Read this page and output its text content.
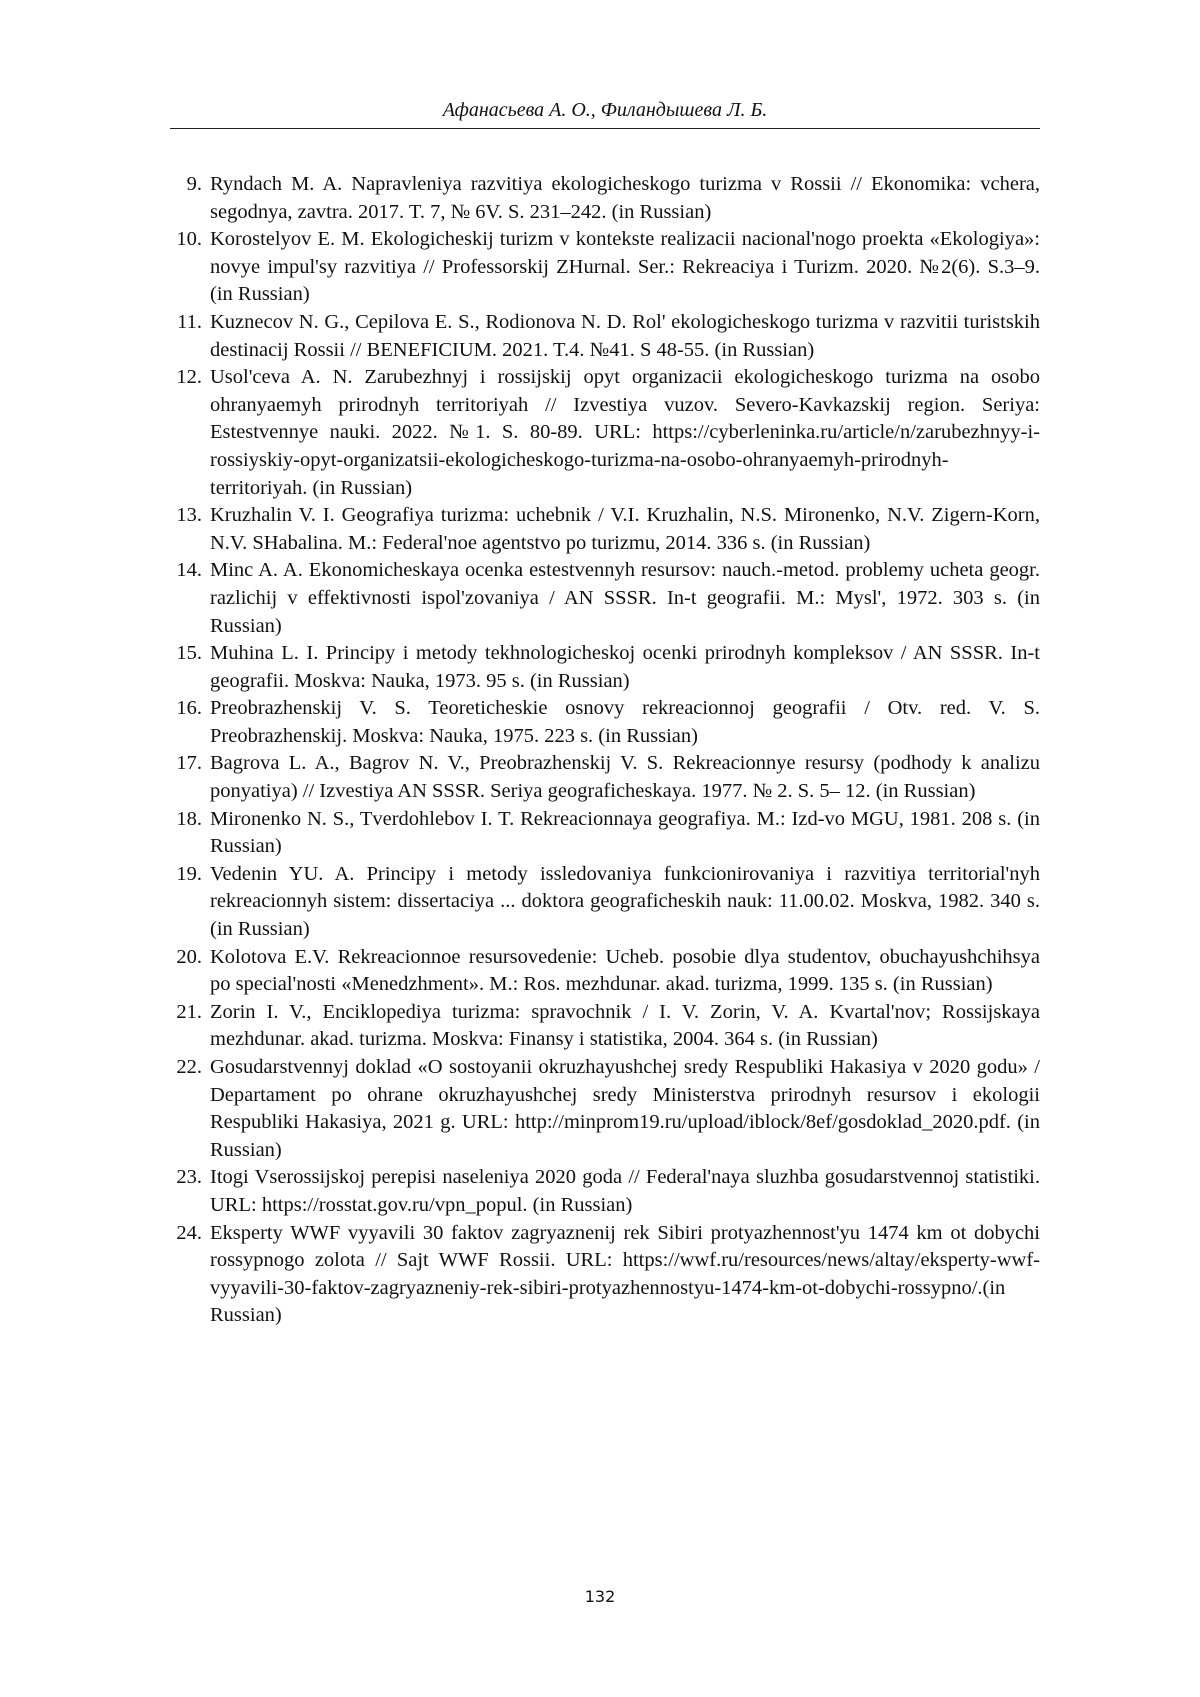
Афанасьева А. О., Филандышева Л. Б.
9. Ryndach M. A. Napravleniya razvitiya ekologicheskogo turizma v Rossii // Ekonomika: vchera, segodnya, zavtra. 2017. T. 7, № 6V. S. 231–242. (in Russian)
10. Korostelyov E. M. Ekologicheskij turizm v kontekste realizacii nacional'nogo proekta «Ekologiya»: novye impul'sy razvitiya // Professorskij ZHurnal. Ser.: Rekreaciya i Turizm. 2020. №2(6). S.3–9. (in Russian)
11. Kuznecov N. G., Cepilova E. S., Rodionova N. D. Rol' ekologicheskogo turizma v razvitii turistskih destinacij Rossii // BENEFICIUM. 2021. T.4. №41. S 48-55. (in Russian)
12. Usol'ceva A. N. Zarubezhnyj i rossijskij opyt organizacii ekologicheskogo turizma na osobo ohranyaemyh prirodnyh territoriyah // Izvestiya vuzov. Severo-Kavkazskij region. Seriya: Estestvennye nauki. 2022. №1. S. 80-89. URL: https://cyberleninka.ru/article/n/zarubezhnyy-i-rossiyskiy-opyt-organizatsii-ekologicheskogo-turizma-na-osobo-ohranyaemyh-prirodnyh-territoriyah. (in Russian)
13. Kruzhalin V. I. Geografiya turizma: uchebnik / V.I. Kruzhalin, N.S. Mironenko, N.V. Zigern-Korn, N.V. SHabalina. M.: Federal'noe agentstvo po turizmu, 2014. 336 s. (in Russian)
14. Minc A. A. Ekonomicheskaya ocenka estestvennyh resursov: nauch.-metod. problemy ucheta geogr. razlichij v effektivnosti ispol'zovaniya / AN SSSR. In-t geografii. M.: Mysl', 1972. 303 s. (in Russian)
15. Muhina L. I. Principy i metody tekhnologicheskoj ocenki prirodnyh kompleksov / AN SSSR. In-t geografii. Moskva: Nauka, 1973. 95 s. (in Russian)
16. Preobrazhenskij V. S. Teoreticheskie osnovy rekreacionnoj geografii / Otv. red. V. S. Preobrazhenskij. Moskva: Nauka, 1975. 223 s. (in Russian)
17. Bagrova L. A., Bagrov N. V., Preobrazhenskij V. S. Rekreacionnye resursy (podhody k analizu ponyatiya) // Izvestiya AN SSSR. Seriya geograficheskaya. 1977. № 2. S. 5– 12. (in Russian)
18. Mironenko N. S., Tverdohlebov I. T. Rekreacionnaya geografiya. M.: Izd-vo MGU, 1981. 208 s. (in Russian)
19. Vedenin YU. A. Principy i metody issledovaniya funkcionirovaniya i razvitiya territorial'nyh rekreacionnyh sistem: dissertaciya ... doktora geograficheskih nauk: 11.00.02. Moskva, 1982. 340 s. (in Russian)
20. Kolotova E.V. Rekreacionnoe resursovedenie: Ucheb. posobie dlya studentov, obuchayushchihsya po special'nosti «Menedzhment». M.: Ros. mezhdunar. akad. turizma, 1999. 135 s. (in Russian)
21. Zorin I. V., Enciklopediya turizma: spravochnik / I. V. Zorin, V. A. Kvartal'nov; Rossijskaya mezhdunar. akad. turizma. Moskva: Finansy i statistika, 2004. 364 s. (in Russian)
22. Gosudarstvennyj doklad «O sostoyanii okruzhayushchej sredy Respubliki Hakasiya v 2020 godu» / Departament po ohrane okruzhayushchej sredy Ministerstva prirodnyh resursov i ekologii Respubliki Hakasiya, 2021 g. URL: http://minprom19.ru/upload/iblock/8ef/gosdoklad_2020.pdf. (in Russian)
23. Itogi Vserossijskoj perepisi naseleniya 2020 goda // Federal'naya sluzhba gosudarstvennoj statistiki. URL: https://rosstat.gov.ru/vpn_popul. (in Russian)
24. Eksperty WWF vyyavili 30 faktov zagryaznenij rek Sibiri protyazhennost'yu 1474 km ot dobychi rossypnogo zolota // Sajt WWF Rossii. URL: https://wwf.ru/resources/news/altay/eksperty-wwf-vyyavili-30-faktov-zagryazneniy-rek-sibiri-protyazhennostyu-1474-km-ot-dobychi-rossypno/.(in Russian)
132
